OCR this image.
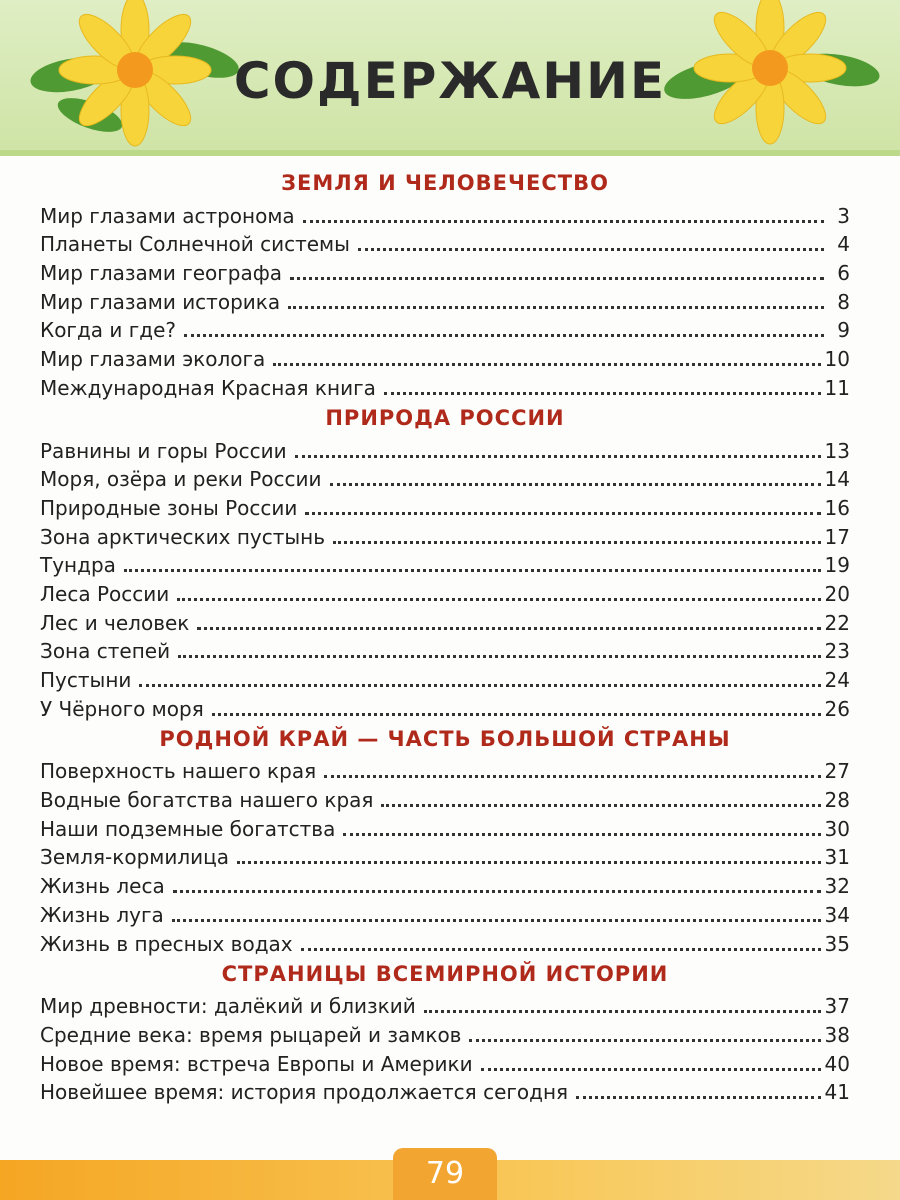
СОДЕРЖАНИЕ
ЗЕМЛЯ И ЧЕЛОВЕЧЕСТВО
Мир глазами астронома	3
Планеты Солнечной системы	4
Мир глазами географа	6
Мир глазами историка	8
Когда и где?	9
Мир глазами эколога	10
Международная Красная книга	11
ПРИРОДА РОССИИ
Равнины и горы России	13
Моря, озёра и реки России	14
Природные зоны России	16
Зона арктических пустынь	17
Тундра	19
Леса России	20
Лес и человек	22
Зона степей	23
Пустыни	24
У Чёрного моря	26
РОДНОЙ КРАЙ — ЧАСТЬ БОЛЬШОЙ СТРАНЫ
Поверхность нашего края	27
Водные богатства нашего края	28
Наши подземные богатства	30
Земля-кормилица	31
Жизнь леса	32
Жизнь луга	34
Жизнь в пресных водах	35
СТРАНИЦЫ ВСЕМИРНОЙ ИСТОРИИ
Мир древности: далёкий и близкий	37
Средние века: время рыцарей и замков	38
Новое время: встреча Европы и Америки	40
Новейшее время: история продолжается сегодня	41
79
